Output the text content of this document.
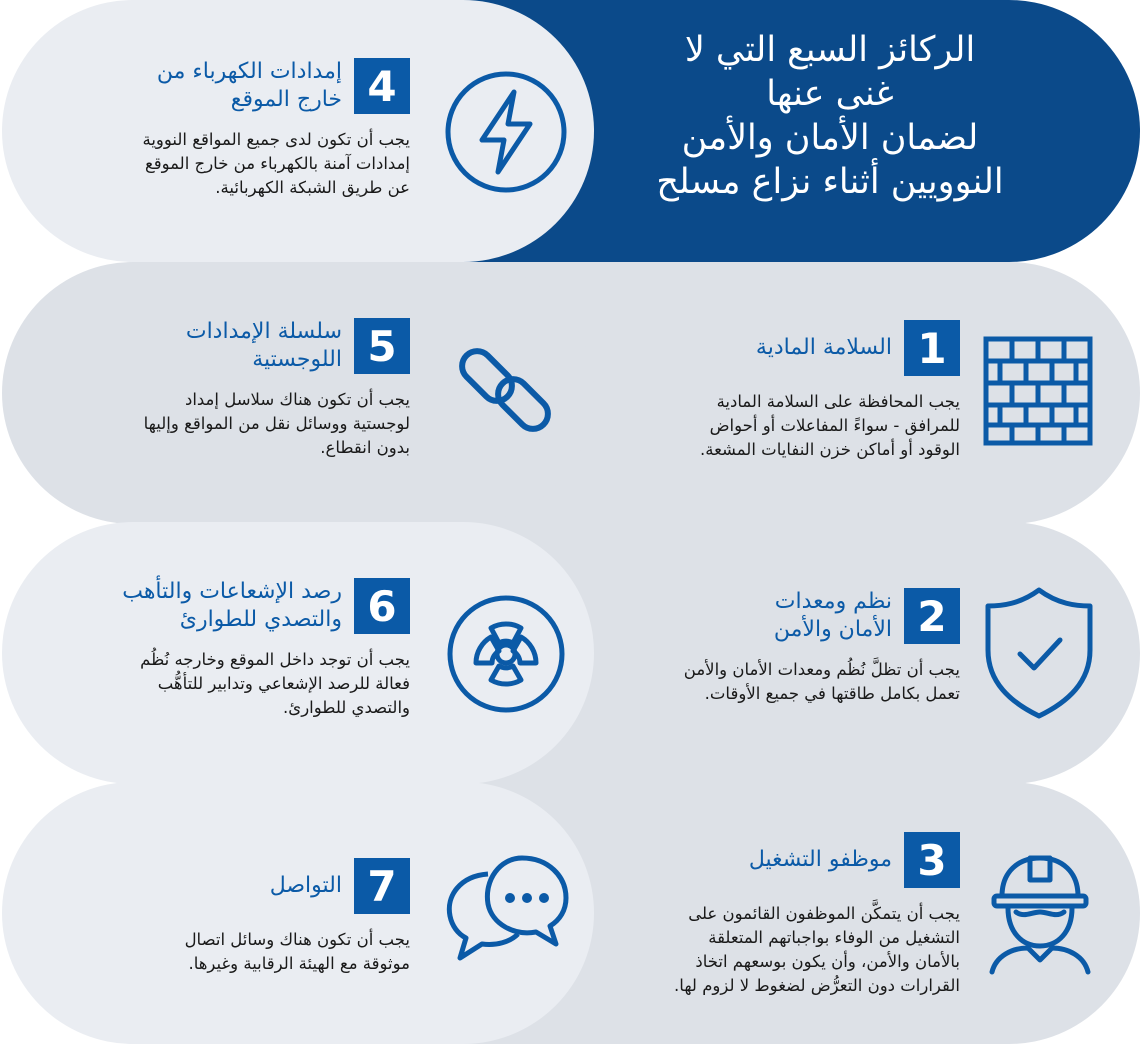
الركائز السبع التي لا
غنى عنها
لضمان الأمان والأمن
النوويين أثناء نزاع مسلح
4
إمدادات الكهرباء من
خارج الموقع
يجب أن تكون لدى جميع المواقع النووية
إمدادات آمنة بالكهرباء من خارج الموقع
عن طريق الشبكة الكهربائية.
5
سلسلة الإمدادات
اللوجستية
يجب أن تكون هناك سلاسل إمداد
لوجستية ووسائل نقل من المواقع وإليها
بدون انقطاع.
6
رصد الإشعاعات والتأهب
والتصدي للطوارئ
يجب أن توجد داخل الموقع وخارجه نُظُم
فعالة للرصد الإشعاعي وتدابير للتأهُّب
والتصدي للطوارئ.
7
التواصل
يجب أن تكون هناك وسائل اتصال
موثوقة مع الهيئة الرقابية وغيرها.
1
السلامة المادية
يجب المحافظة على السلامة المادية
للمرافق - سواءً المفاعلات أو أحواض
الوقود أو أماكن خزن النفايات المشعة.
2
نظم ومعدات
الأمان والأمن
يجب أن تظلَّ نُظُم ومعدات الأمان والأمن
تعمل بكامل طاقتها في جميع الأوقات.
3
موظفو التشغيل
يجب أن يتمكَّن الموظفون القائمون على
التشغيل من الوفاء بواجباتهم المتعلقة
بالأمان والأمن، وأن يكون بوسعهم اتخاذ
القرارات دون التعرُّض لضغوط لا لزوم لها.
